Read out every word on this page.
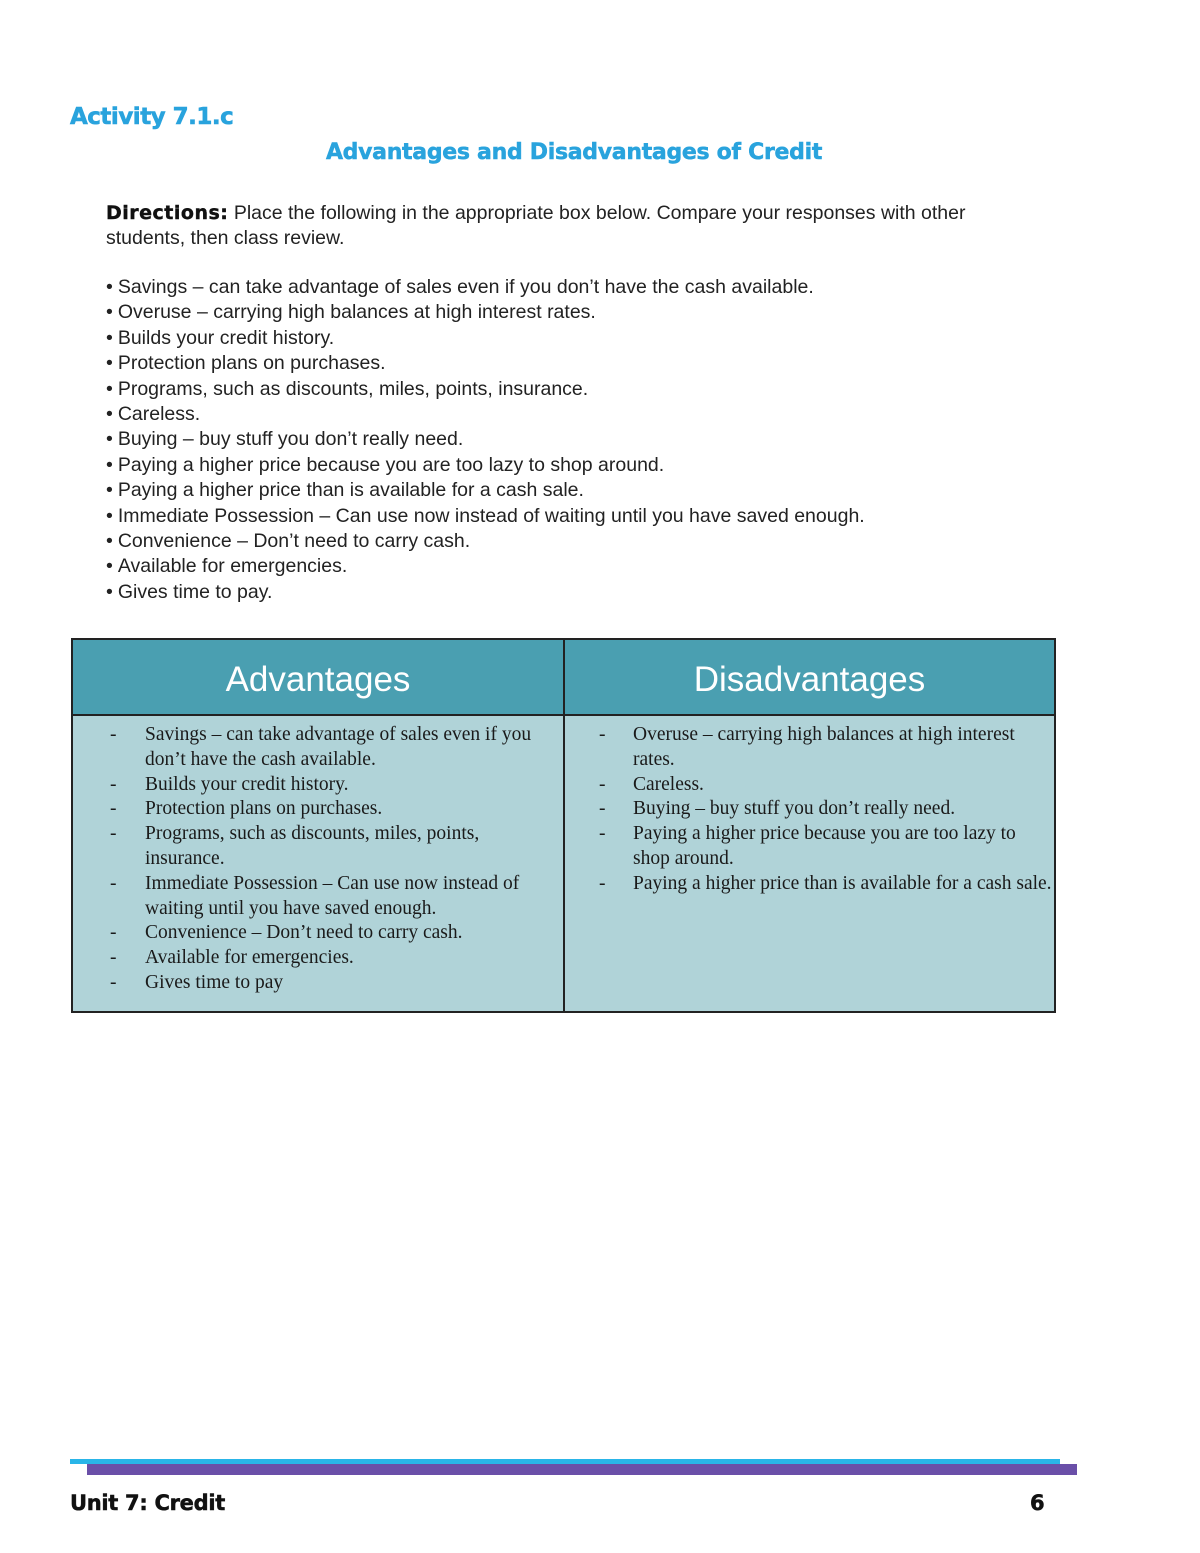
Activity 7.1.c
Advantages and Disadvantages of Credit
Directions: Place the following in the appropriate box below. Compare your responses with other students, then class review.
• Savings – can take advantage of sales even if you don’t have the cash available.
• Overuse – carrying high balances at high interest rates.
• Builds your credit history.
• Protection plans on purchases.
• Programs, such as discounts, miles, points, insurance.
• Careless.
• Buying – buy stuff you don’t really need.
• Paying a higher price because you are too lazy to shop around.
• Paying a higher price than is available for a cash sale.
• Immediate Possession – Can use now instead of waiting until you have saved enough.
• Convenience – Don’t need to carry cash.
• Available for emergencies.
• Gives time to pay.
Advantages	Disadvantages
- Savings – can take advantage of sales even if you don’t have the cash available.
- Builds your credit history.
- Protection plans on purchases.
- Programs, such as discounts, miles, points, insurance.
- Immediate Possession – Can use now instead of waiting until you have saved enough.
- Convenience – Don’t need to carry cash.
- Available for emergencies.
- Gives time to pay
- Overuse – carrying high balances at high interest rates.
- Careless.
- Buying – buy stuff you don’t really need.
- Paying a higher price because you are too lazy to shop around.
- Paying a higher price than is available for a cash sale.
Unit 7: Credit	6
